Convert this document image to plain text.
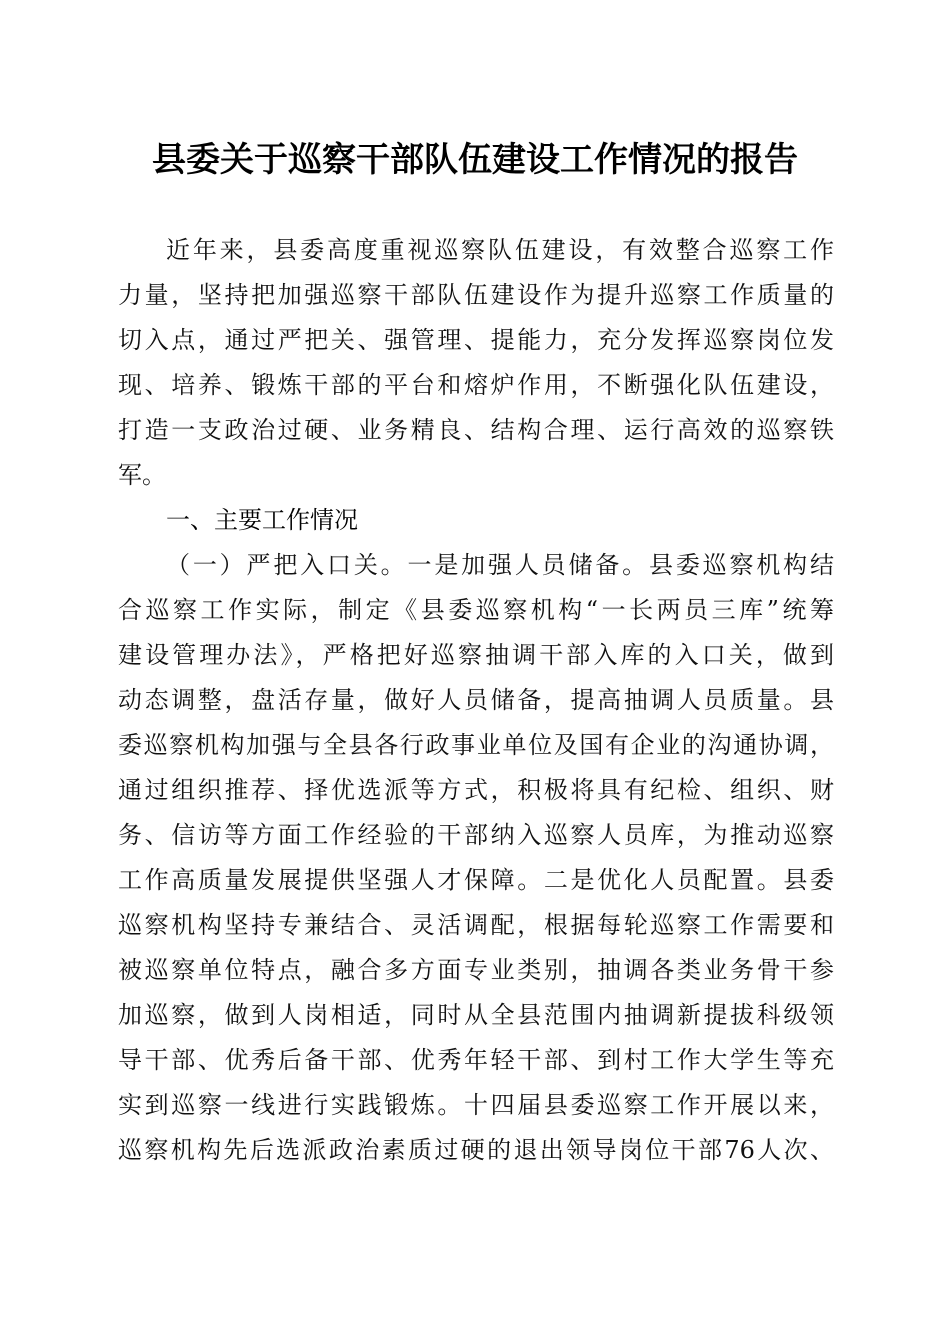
县委关于巡察干部队伍建设工作情况的报告
近年来，县委高度重视巡察队伍建设，有效整合巡察工作
力量，坚持把加强巡察干部队伍建设作为提升巡察工作质量的
切入点，通过严把关、强管理、提能力，充分发挥巡察岗位发
现、培养、锻炼干部的平台和熔炉作用，不断强化队伍建设，
打造一支政治过硬、业务精良、结构合理、运行高效的巡察铁
军。
一、主要工作情况
（一）严把入口关。一是加强人员储备。县委巡察机构结
合巡察工作实际，制定《县委巡察机构“一长两员三库”统筹
建设管理办法》，严格把好巡察抽调干部入库的入口关，做到
动态调整，盘活存量，做好人员储备，提高抽调人员质量。县
委巡察机构加强与全县各行政事业单位及国有企业的沟通协调，
通过组织推荐、择优选派等方式，积极将具有纪检、组织、财
务、信访等方面工作经验的干部纳入巡察人员库，为推动巡察
工作高质量发展提供坚强人才保障。二是优化人员配置。县委
巡察机构坚持专兼结合、灵活调配，根据每轮巡察工作需要和
被巡察单位特点，融合多方面专业类别，抽调各类业务骨干参
加巡察，做到人岗相适，同时从全县范围内抽调新提拔科级领
导干部、优秀后备干部、优秀年轻干部、到村工作大学生等充
实到巡察一线进行实践锻炼。十四届县委巡察工作开展以来，
巡察机构先后选派政治素质过硬的退出领导岗位干部76人次、
